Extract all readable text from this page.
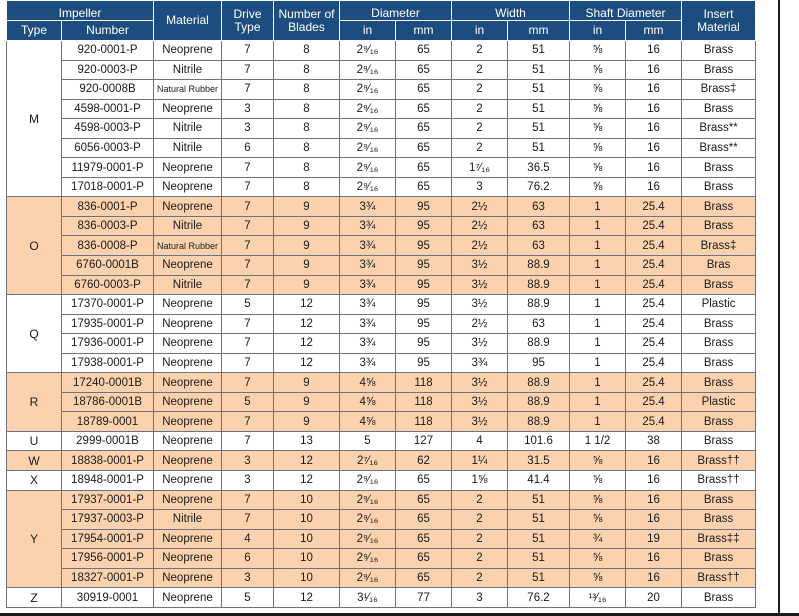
Impeller		Material	Drive Type	Number of Blades	Diameter		Width		Shaft Diameter		Insert Material
Type	Number				in	mm	in	mm	in	mm	
M	920-0001-P	Neoprene	7	8	2⁹⁄₁₆	65	2	51	⅝	16	Brass
	920-0003-P	Nitrile	7	8	2⁹⁄₁₆	65	2	51	⅝	16	Brass
	920-0008B	Natural Rubber	7	8	2⁹⁄₁₆	65	2	51	⅝	16	Brass‡
	4598-0001-P	Neoprene	3	8	2⁹⁄₁₆	65	2	51	⅝	16	Brass
	4598-0003-P	Nitrile	3	8	2⁹⁄₁₆	65	2	51	⅝	16	Brass**
	6056-0003-P	Nitrile	6	8	2⁹⁄₁₆	65	2	51	⅝	16	Brass**
	11979-0001-P	Neoprene	7	8	2⁹⁄₁₆	65	1⁷⁄₁₆	36.5	⅝	16	Brass
	17018-0001-P	Neoprene	7	8	2⁹⁄₁₆	65	3	76.2	⅝	16	Brass
O	836-0001-P	Neoprene	7	9	3¾	95	2½	63	1	25.4	Brass
	836-0003-P	Nitrile	7	9	3¾	95	2½	63	1	25.4	Brass
	836-0008-P	Natural Rubber	7	9	3¾	95	2½	63	1	25.4	Brass‡
	6760-0001B	Neoprene	7	9	3¾	95	3½	88.9	1	25.4	Bras
	6760-0003-P	Nitrile	7	9	3¾	95	3½	88.9	1	25.4	Brass
Q	17370-0001-P	Neoprene	5	12	3¾	95	3½	88.9	1	25.4	Plastic
	17935-0001-P	Neoprene	7	12	3¾	95	2½	63	1	25.4	Brass
	17936-0001-P	Neoprene	7	12	3¾	95	3½	88.9	1	25.4	Brass
	17938-0001-P	Neoprene	7	12	3¾	95	3¾	95	1	25.4	Brass
R	17240-0001B	Neoprene	7	9	4⅝	118	3½	88.9	1	25.4	Brass
	18786-0001B	Neoprene	5	9	4⅝	118	3½	88.9	1	25.4	Plastic
	18789-0001	Neoprene	7	9	4⅝	118	3½	88.9	1	25.4	Brass
U	2999-0001B	Neoprene	7	13	5	127	4	101.6	1 1/2	38	Brass
W	18838-0001-P	Neoprene	3	12	2⁷⁄₁₆	62	1¼	31.5	⅝	16	Brass††
X	18948-0001-P	Neoprene	3	12	2⁹⁄₁₆	65	1⅝	41.4	⅝	16	Brass††
Y	17937-0001-P	Neoprene	7	10	2⁹⁄₁₆	65	2	51	⅝	16	Brass
	17937-0003-P	Nitrile	7	10	2⁹⁄₁₆	65	2	51	⅝	16	Brass
	17954-0001-P	Neoprene	4	10	2⁹⁄₁₆	65	2	51	¾	19	Brass‡‡
	17956-0001-P	Neoprene	6	10	2⁹⁄₁₆	65	2	51	⅝	16	Brass
	18327-0001-P	Neoprene	3	10	2⁹⁄₁₆	65	2	51	⅝	16	Brass††
Z	30919-0001	Neoprene	5	12	3¹⁄₁₆	77	3	76.2	¹³⁄₁₆	20	Brass
